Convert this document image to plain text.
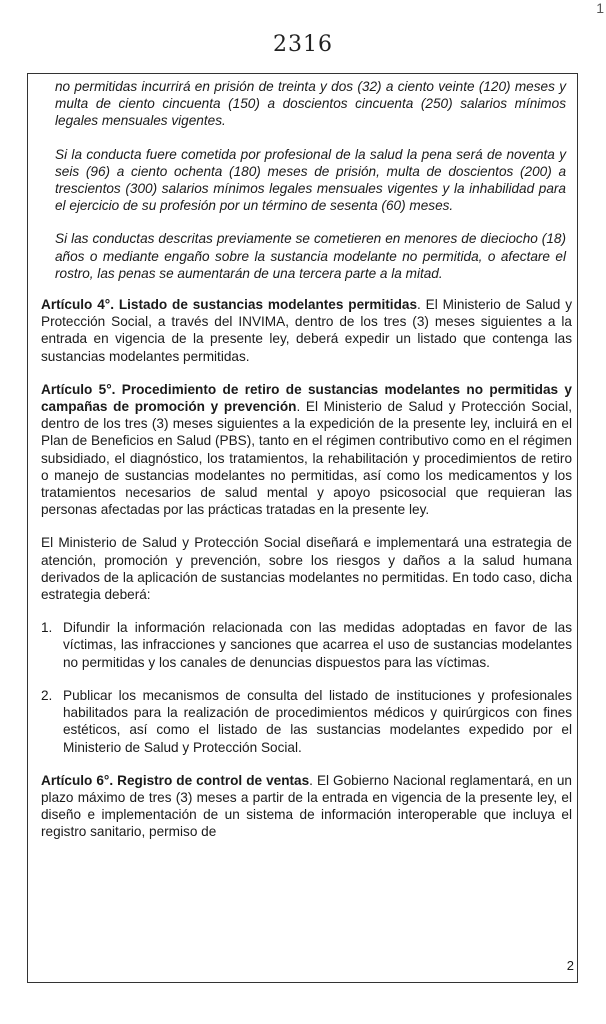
1
2316

no permitidas incurrirá en prisión de treinta y dos (32) a ciento veinte (120) meses y multa de ciento cincuenta (150) a doscientos cincuenta (250) salarios mínimos legales mensuales vigentes.

Si la conducta fuere cometida por profesional de la salud la pena será de noventa y seis (96) a ciento ochenta (180) meses de prisión, multa de doscientos (200) a trescientos (300) salarios mínimos legales mensuales vigentes y la inhabilidad para el ejercicio de su profesión por un término de sesenta (60) meses.

Si las conductas descritas previamente se cometieren en menores de dieciocho (18) años o mediante engaño sobre la sustancia modelante no permitida, o afectare el rostro, las penas se aumentarán de una tercera parte a la mitad.

Artículo 4°. Listado de sustancias modelantes permitidas. El Ministerio de Salud y Protección Social, a través del INVIMA, dentro de los tres (3) meses siguientes a la entrada en vigencia de la presente ley, deberá expedir un listado que contenga las sustancias modelantes permitidas.

Artículo 5°. Procedimiento de retiro de sustancias modelantes no permitidas y campañas de promoción y prevención. El Ministerio de Salud y Protección Social, dentro de los tres (3) meses siguientes a la expedición de la presente ley, incluirá en el Plan de Beneficios en Salud (PBS), tanto en el régimen contributivo como en el régimen subsidiado, el diagnóstico, los tratamientos, la rehabilitación y procedimientos de retiro o manejo de sustancias modelantes no permitidas, así como los medicamentos y los tratamientos necesarios de salud mental y apoyo psicosocial que requieran las personas afectadas por las prácticas tratadas en la presente ley.

El Ministerio de Salud y Protección Social diseñará e implementará una estrategia de atención, promoción y prevención, sobre los riesgos y daños a la salud humana derivados de la aplicación de sustancias modelantes no permitidas. En todo caso, dicha estrategia deberá:

1. Difundir la información relacionada con las medidas adoptadas en favor de las víctimas, las infracciones y sanciones que acarrea el uso de sustancias modelantes no permitidas y los canales de denuncias dispuestos para las víctimas.
2. Publicar los mecanismos de consulta del listado de instituciones y profesionales habilitados para la realización de procedimientos médicos y quirúrgicos con fines estéticos, así como el listado de las sustancias modelantes expedido por el Ministerio de Salud y Protección Social.

Artículo 6°. Registro de control de ventas. El Gobierno Nacional reglamentará, en un plazo máximo de tres (3) meses a partir de la entrada en vigencia de la presente ley, el diseño e implementación de un sistema de información interoperable que incluya el registro sanitario, permiso de

2
